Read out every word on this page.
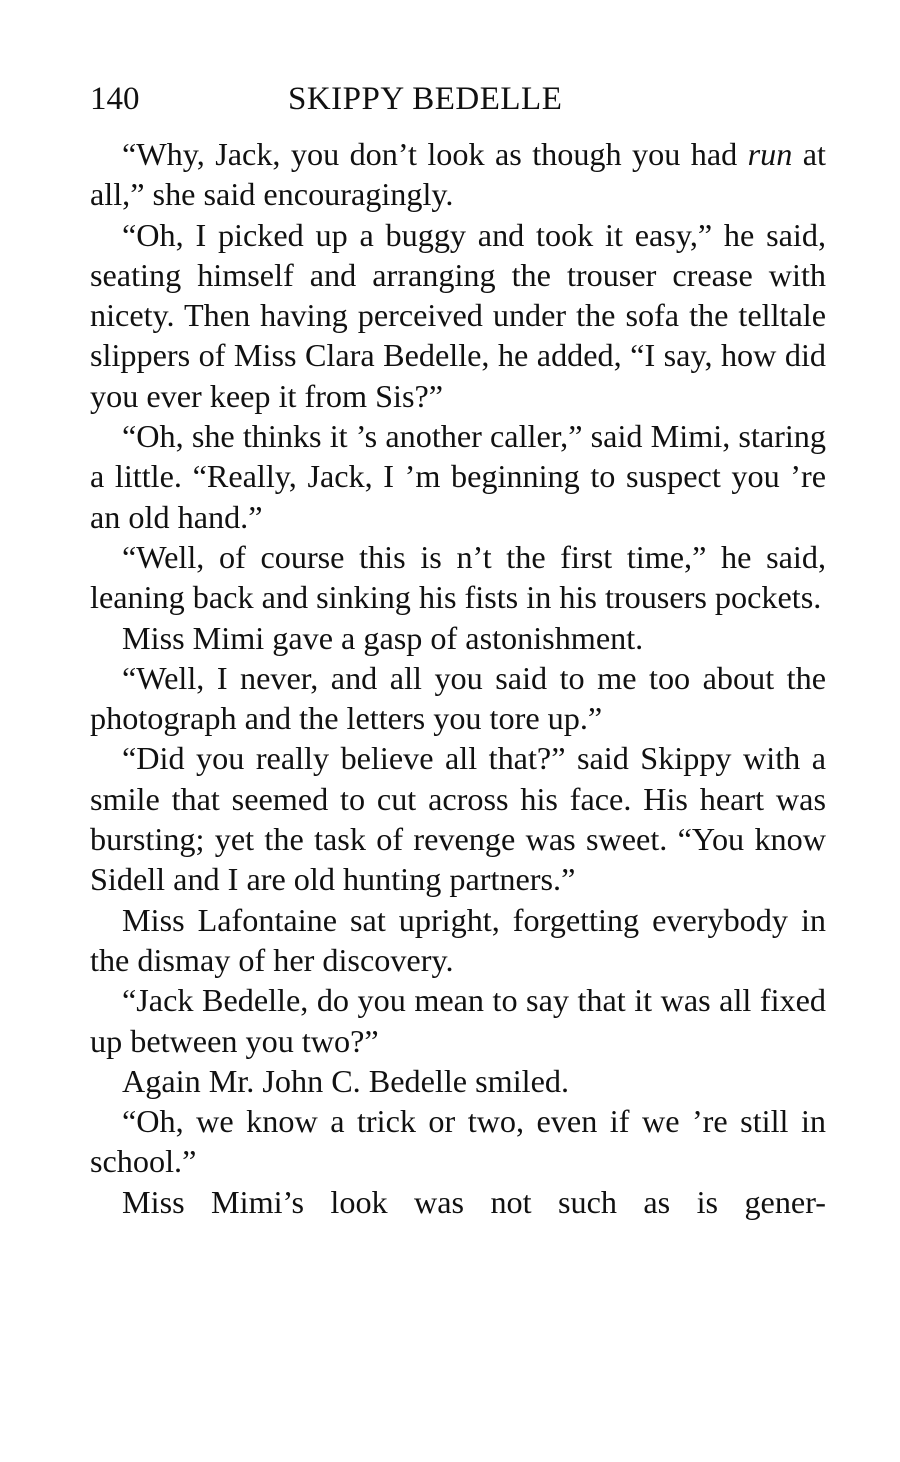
140	SKIPPY BEDELLE

“Why, Jack, you don’t look as though you had run at all,” she said encouragingly.

“Oh, I picked up a buggy and took it easy,” he said, seating himself and arranging the trouser crease with nicety. Then having perceived under the sofa the telltale slippers of Miss Clara Bedelle, he added, “I say, how did you ever keep it from Sis?”

“Oh, she thinks it ’s another caller,” said Mimi, staring a little. “Really, Jack, I ’m beginning to suspect you ’re an old hand.”

“Well, of course this is n’t the first time,” he said, leaning back and sinking his fists in his trousers pockets.

Miss Mimi gave a gasp of astonishment.

“Well, I never, and all you said to me too about the photograph and the letters you tore up.”

“Did you really believe all that?” said Skippy with a smile that seemed to cut across his face. His heart was bursting; yet the task of revenge was sweet. “You know Sidell and I are old hunting partners.”

Miss Lafontaine sat upright, forgetting everybody in the dismay of her discovery.

“Jack Bedelle, do you mean to say that it was all fixed up between you two?”

Again Mr. John C. Bedelle smiled.

“Oh, we know a trick or two, even if we ’re still in school.”

Miss Mimi’s look was not such as is gener-
